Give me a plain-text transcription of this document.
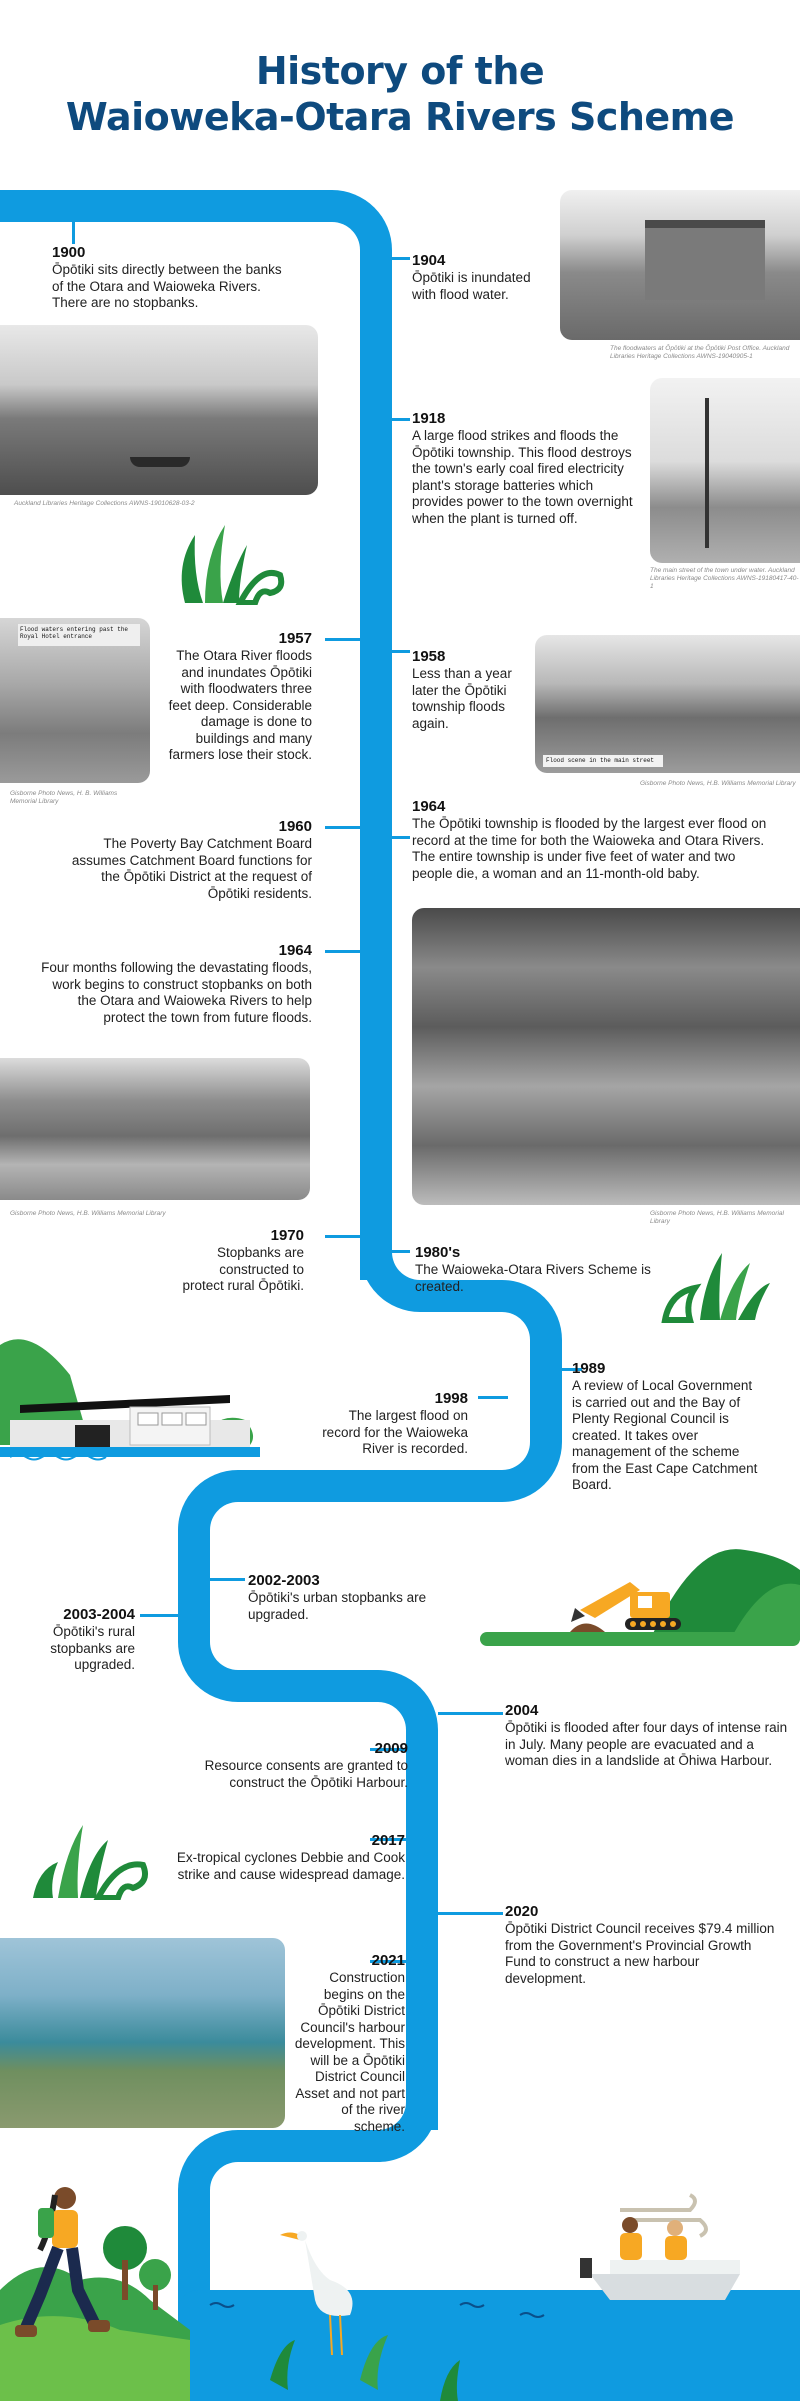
History of the
Waioweka-Otara Rivers Scheme
1900
Ōpōtiki sits directly between the banks of the Otara and Waioweka Rivers. There are no stopbanks.
Auckland Libraries Heritage Collections AWNS-19010628-03-2
1904
Ōpōtiki is inundated with flood water.
The floodwaters at Ōpōtiki at the Ōpōtiki Post Office. Auckland Libraries Heritage Collections AWNS-19040905-1
1918
A large flood strikes and floods the Ōpōtiki township. This flood destroys the town's early coal fired electricity plant's storage batteries which provides power to the town overnight when the plant is turned off.
The main street of the town under water. Auckland Libraries Heritage Collections AWNS-19180417-40-1
Flood waters entering past the Royal Hotel entrance
Gisborne Photo News, H. B. Williams Memorial Library
1957
The Otara River floods and inundates Ōpōtiki with floodwaters three feet deep. Considerable damage is done to buildings and many farmers lose their stock.
1958
Less than a year later the Ōpōtiki township floods again.
Flood scene in the main street
Gisborne Photo News, H.B. Williams Memorial Library
1960
The Poverty Bay Catchment Board assumes Catchment Board functions for the Ōpōtiki District at the request of Ōpōtiki residents.
1964
The Ōpōtiki township is flooded by the largest ever flood on record at the time for both the Waioweka and Otara Rivers. The entire township is under five feet of water and two people die, a woman and an 11-month-old baby.
Gisborne Photo News, H.B. Williams Memorial Library
1964
Four months following the devastating floods, work begins to construct stopbanks on both the Otara and Waioweka Rivers to help protect the town from future floods.
Gisborne Photo News, H.B. Williams Memorial Library
1970
Stopbanks are constructed to protect rural Ōpōtiki.
1980's
The Waioweka-Otara Rivers Scheme is created.
1989
A review of Local Government is carried out and the Bay of Plenty Regional Council is created. It takes over management of the scheme from the East Cape Catchment Board.
1998
The largest flood on record for the Waioweka River is recorded.
2002-2003
Ōpōtiki's urban stopbanks are upgraded.
2003-2004
Ōpōtiki's rural stopbanks are upgraded.
2004
Ōpōtiki is flooded after four days of intense rain in July. Many people are evacuated and a woman dies in a landslide at Ōhiwa Harbour.
2009
Resource consents are granted to construct the Ōpōtiki Harbour.
2017
Ex-tropical cyclones Debbie and Cook strike and cause widespread damage.
2020
Ōpōtiki District Council receives $79.4 million from the Government's Provincial Growth Fund to construct a new harbour development.
2021
Construction begins on the Ōpōtiki District Council's harbour development. This will be a Ōpōtiki District Council Asset and not part of the river scheme.
